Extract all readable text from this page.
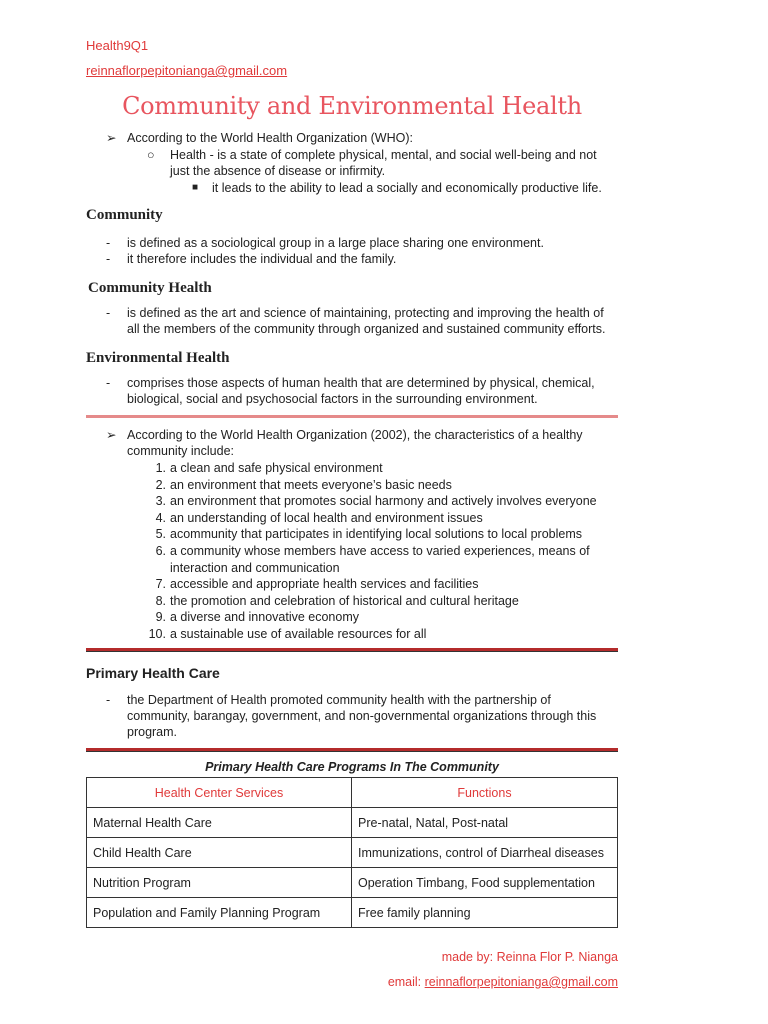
Health9Q1
reinnaflorpepitonianga@gmail.com
Community and Environmental Health
➢ According to the World Health Organization (WHO):
○ Health - is a state of complete physical, mental, and social well-being and not
just the absence of disease or infirmity.
■ it leads to the ability to lead a socially and economically productive life.
Community
- is defined as a sociological group in a large place sharing one environment.
- it therefore includes the individual and the family.
Community Health
- is defined as the art and science of maintaining, protecting and improving the health of
all the members of the community through organized and sustained community efforts.
Environmental Health
- comprises those aspects of human health that are determined by physical, chemical,
biological, social and psychosocial factors in the surrounding environment.
➢ According to the World Health Organization (2002), the characteristics of a healthy
community include:
1. a clean and safe physical environment
2. an environment that meets everyone’s basic needs
3. an environment that promotes social harmony and actively involves everyone
4. an understanding of local health and environment issues
5. acommunity that participates in identifying local solutions to local problems
6. a community whose members have access to varied experiences, means of
interaction and communication
7. accessible and appropriate health services and facilities
8. the promotion and celebration of historical and cultural heritage
9. a diverse and innovative economy
10. a sustainable use of available resources for all
Primary Health Care
- the Department of Health promoted community health with the partnership of
community, barangay, government, and non-governmental organizations through this
program.
Primary Health Care Programs In The Community
Health Center Services	Functions
Maternal Health Care	Pre-natal, Natal, Post-natal
Child Health Care	Immunizations, control of Diarrheal diseases
Nutrition Program	Operation Timbang, Food supplementation
Population and Family Planning Program	Free family planning
made by: Reinna Flor P. Nianga
email: reinnaflorpepitonianga@gmail.com
